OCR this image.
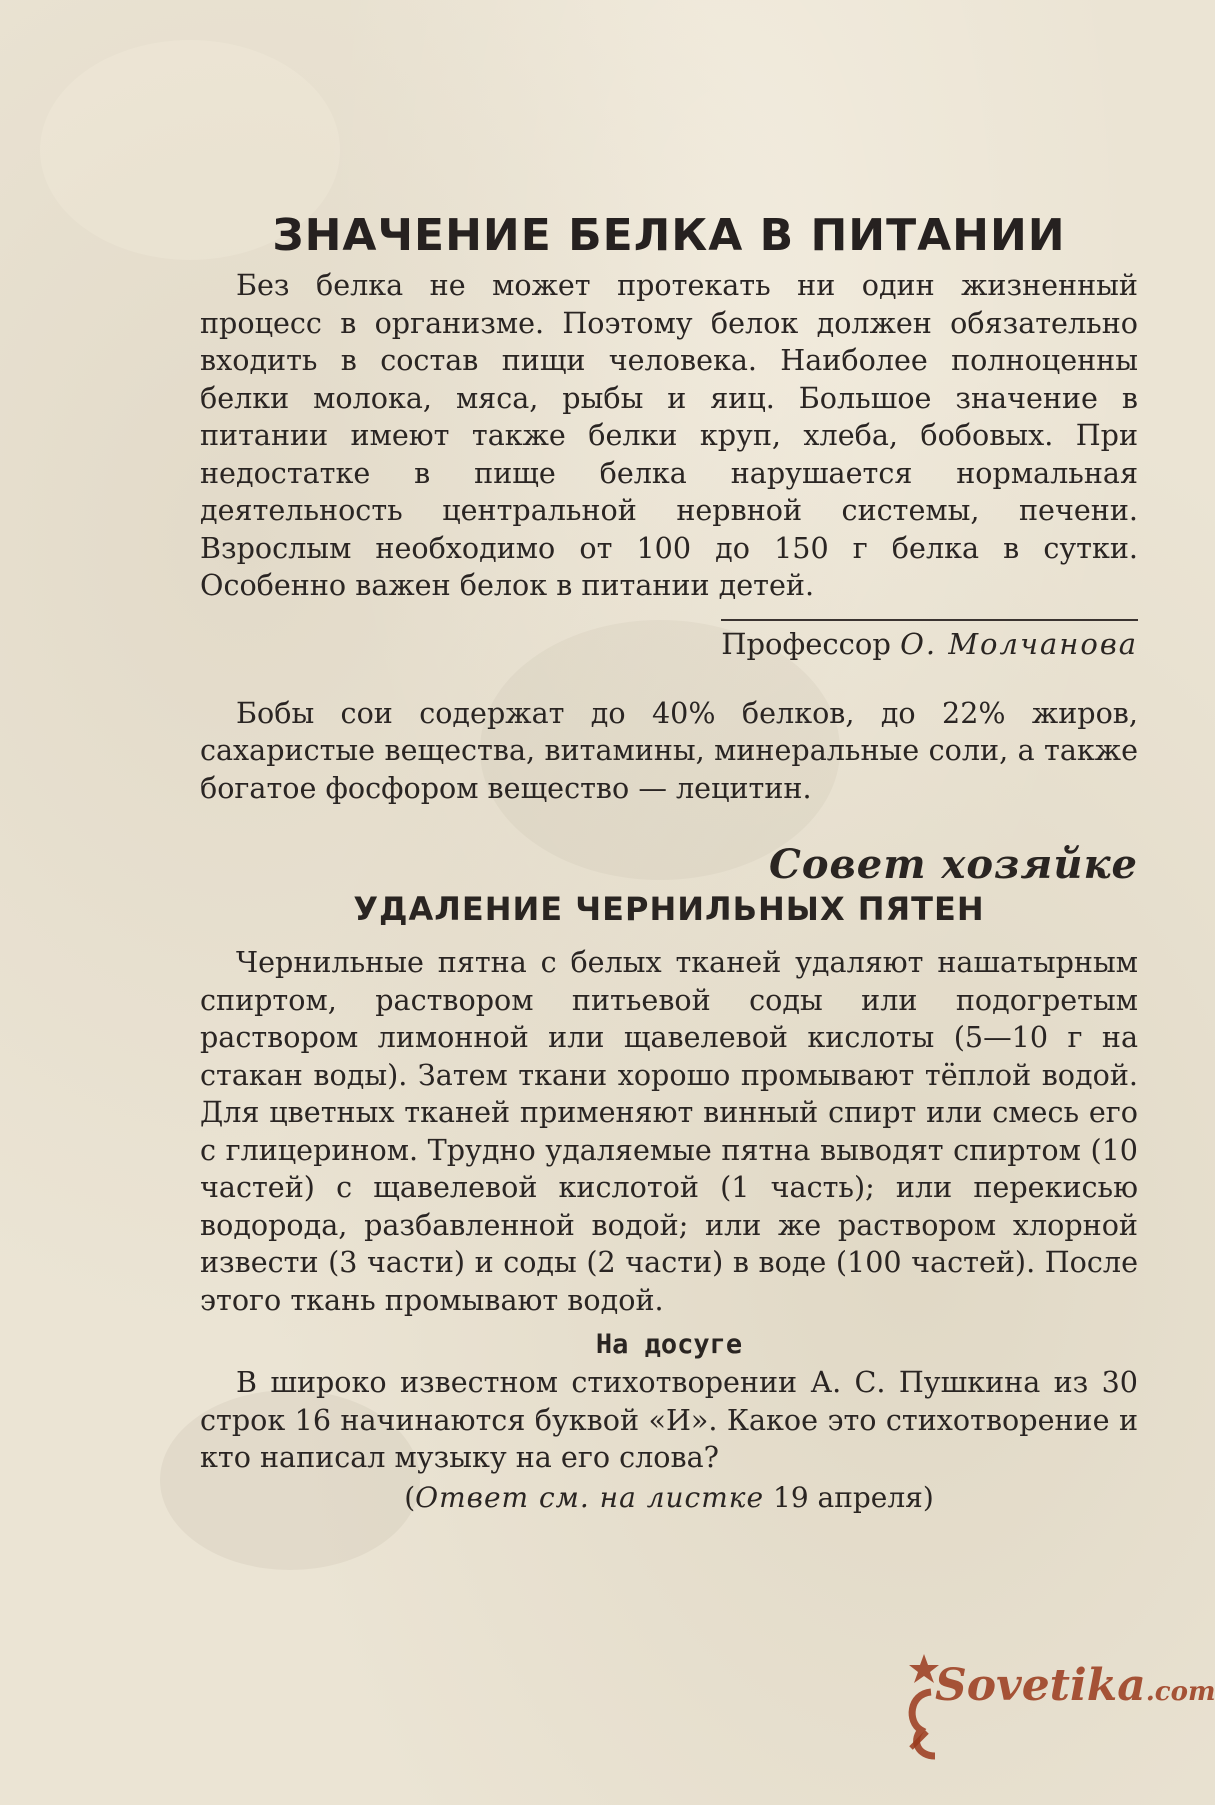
ЗНАЧЕНИЕ БЕЛКА В ПИТАНИИ

Без белка не может протекать ни один жизненный процесс в организме. Поэтому белок должен обязательно входить в состав пищи человека. Наиболее полноценны белки молока, мяса, рыбы и яиц. Большое значение в питании имеют также белки круп, хлеба, бобовых. При недостатке в пище белка нарушается нормальная деятельность центральной нервной системы, печени. Взрослым необходимо от 100 до 150 г белка в сутки. Особенно важен белок в питании детей.

Профессор О. Молчанова

Бобы сои содержат до 40% белков, до 22% жиров, сахаристые вещества, витамины, минеральные соли, а также богатое фосфором вещество — лецитин.

Совет хозяйке
УДАЛЕНИЕ ЧЕРНИЛЬНЫХ ПЯТЕН

Чернильные пятна с белых тканей удаляют нашатырным спиртом, раствором питьевой соды или подогретым раствором лимонной или щавелевой кислоты (5—10 г на стакан воды). Затем ткани хорошо промывают тёплой водой. Для цветных тканей применяют винный спирт или смесь его с глицерином. Трудно удаляемые пятна выводят спиртом (10 частей) с щавелевой кислотой (1 часть); или перекисью водорода, разбавленной водой; или же раствором хлорной извести (3 части) и соды (2 части) в воде (100 частей). После этого ткань промывают водой.

На досуге

В широко известном стихотворении А. С. Пушкина из 30 строк 16 начинаются буквой «И». Какое это стихотворение и кто написал музыку на его слова?

(Ответ см. на листке 19 апреля)
Sovetika.com
